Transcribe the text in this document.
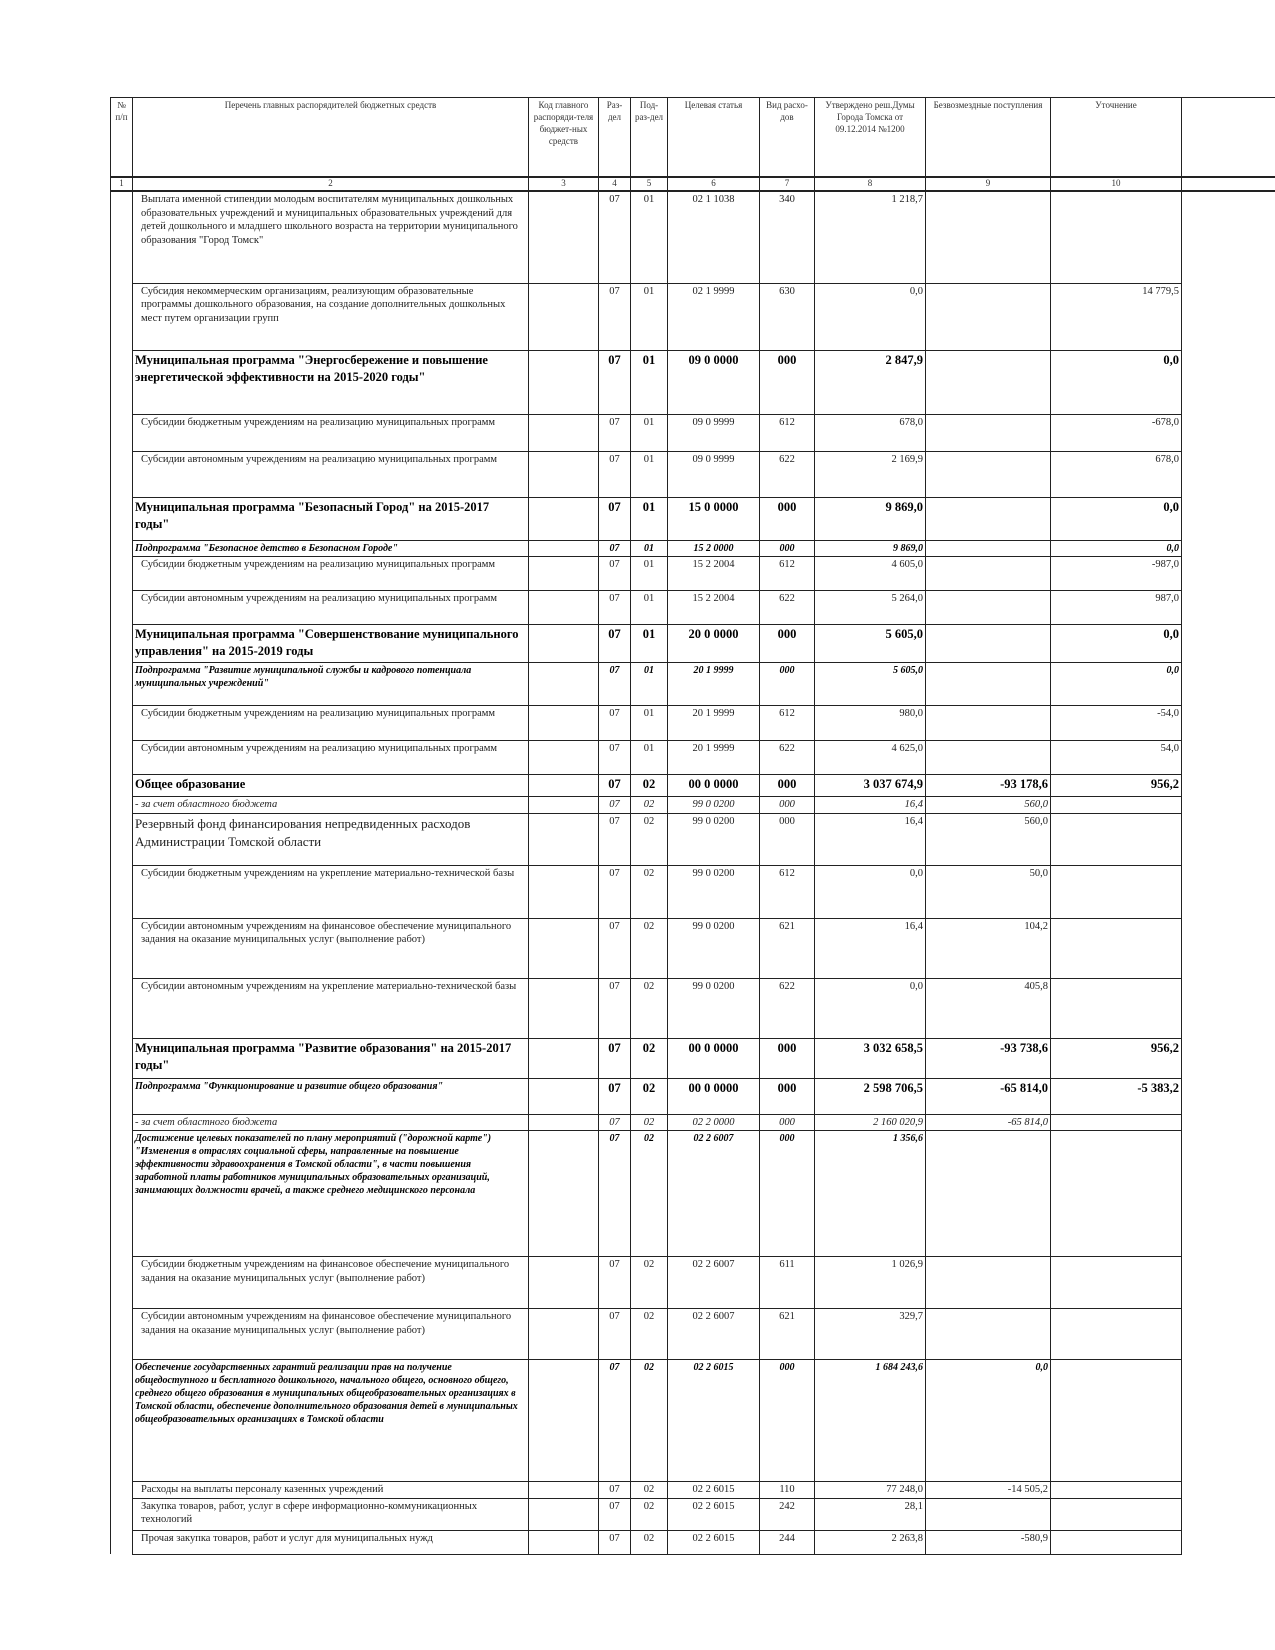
№ п/п	Перечень главных распорядителей бюджетных средств	Код главного распоряди-теля бюджет-ных средств	Раз-дел	Под-раз-дел	Целевая статья	Вид расхо-дов	Утверждено реш.Думы Города Томска от 09.12.2014 №1200	Безвозмездные поступления	Уточнение	
1	2	3	4	5	6	7	8	9	10	
	Выплата именной стипендии молодым воспитателям муниципальных дошкольных образовательных учреждений и муниципальных образовательных учреждений для детей дошкольного и младшего школьного возраста на территории муниципального образования "Город Томск"		07	01	02 1 1038	340	1 218,7			
	Субсидия некоммерческим организациям, реализующим образовательные программы дошкольного образования, на создание дополнительных дошкольных мест путем организации групп		07	01	02 1 9999	630	0,0		14 779,5	
	Муниципальная программа "Энергосбережение и повышение энергетической эффективности на 2015-2020 годы"		07	01	09 0 0000	000	2 847,9		0,0	
	Субсидии бюджетным учреждениям на реализацию муниципальных программ		07	01	09 0 9999	612	678,0		-678,0	
	Субсидии автономным учреждениям на реализацию муниципальных программ		07	01	09 0 9999	622	2 169,9		678,0	
	Муниципальная программа "Безопасный Город" на 2015-2017 годы"		07	01	15 0 0000	000	9 869,0		0,0	
	Подпрограмма "Безопасное детство в Безопасном Городе"		07	01	15 2 0000	000	9 869,0		0,0	
	Субсидии бюджетным учреждениям на реализацию муниципальных программ		07	01	15 2 2004	612	4 605,0		-987,0	
	Субсидии автономным учреждениям на реализацию муниципальных программ		07	01	15 2 2004	622	5 264,0		987,0	
	Муниципальная программа "Совершенствование муниципального управления" на 2015-2019 годы		07	01	20 0 0000	000	5 605,0		0,0	
	Подпрограмма "Развитие муниципальной службы и кадрового потенциала муниципальных учреждений"		07	01	20 1 9999	000	5 605,0		0,0	
	Субсидии бюджетным учреждениям на реализацию муниципальных программ		07	01	20 1 9999	612	980,0		-54,0	
	Субсидии автономным учреждениям на реализацию муниципальных программ		07	01	20 1 9999	622	4 625,0		54,0	
	Общее образование		07	02	00 0 0000	000	3 037 674,9	-93 178,6	956,2	
	- за счет областного бюджета		07	02	99 0 0200	000	16,4	560,0		
	Резервный фонд финансирования непредвиденных расходов Администрации Томской области		07	02	99 0 0200	000	16,4	560,0		
	Субсидии бюджетным учреждениям на укрепление материально-технической базы		07	02	99 0 0200	612	0,0	50,0		
	Субсидии автономным учреждениям на финансовое обеспечение муниципального задания на оказание муниципальных услуг (выполнение работ)		07	02	99 0 0200	621	16,4	104,2		
	Субсидии автономным учреждениям на укрепление материально-технической базы		07	02	99 0 0200	622	0,0	405,8		
	Муниципальная программа "Развитие образования" на 2015-2017 годы"		07	02	00 0 0000	000	3 032 658,5	-93 738,6	956,2	
	Подпрограмма "Функционирование и развитие общего образования"		07	02	00 0 0000	000	2 598 706,5	-65 814,0	-5 383,2	
	- за счет областного бюджета		07	02	02 2 0000	000	2 160 020,9	-65 814,0		
	Достижение целевых показателей по плану мероприятий ("дорожной карте") "Изменения в отраслях социальной сферы, направленные на повышение эффективности здравоохранения в Томской области", в части повышения заработной платы работников муниципальных образовательных организаций, занимающих должности врачей, а также среднего медицинского персонала		07	02	02 2 6007	000	1 356,6			
	Субсидии бюджетным учреждениям на финансовое обеспечение муниципального задания на оказание муниципальных услуг (выполнение работ)		07	02	02 2 6007	611	1 026,9			
	Субсидии автономным учреждениям на финансовое обеспечение муниципального задания на оказание муниципальных услуг (выполнение работ)		07	02	02 2 6007	621	329,7			
	Обеспечение государственных гарантий реализации прав на получение общедоступного и бесплатного дошкольного, начального общего, основного общего, среднего общего образования в муниципальных общеобразовательных организациях в Томской области, обеспечение дополнительного образования детей в муниципальных общеобразовательных организациях в Томской области		07	02	02 2 6015	000	1 684 243,6	0,0		
	Расходы на выплаты персоналу казенных учреждений		07	02	02 2 6015	110	77 248,0	-14 505,2		
	Закупка товаров, работ, услуг в сфере информационно-коммуникационных технологий		07	02	02 2 6015	242	28,1			
	Прочая закупка товаров, работ и услуг для муниципальных нужд		07	02	02 2 6015	244	2 263,8	-580,9		
